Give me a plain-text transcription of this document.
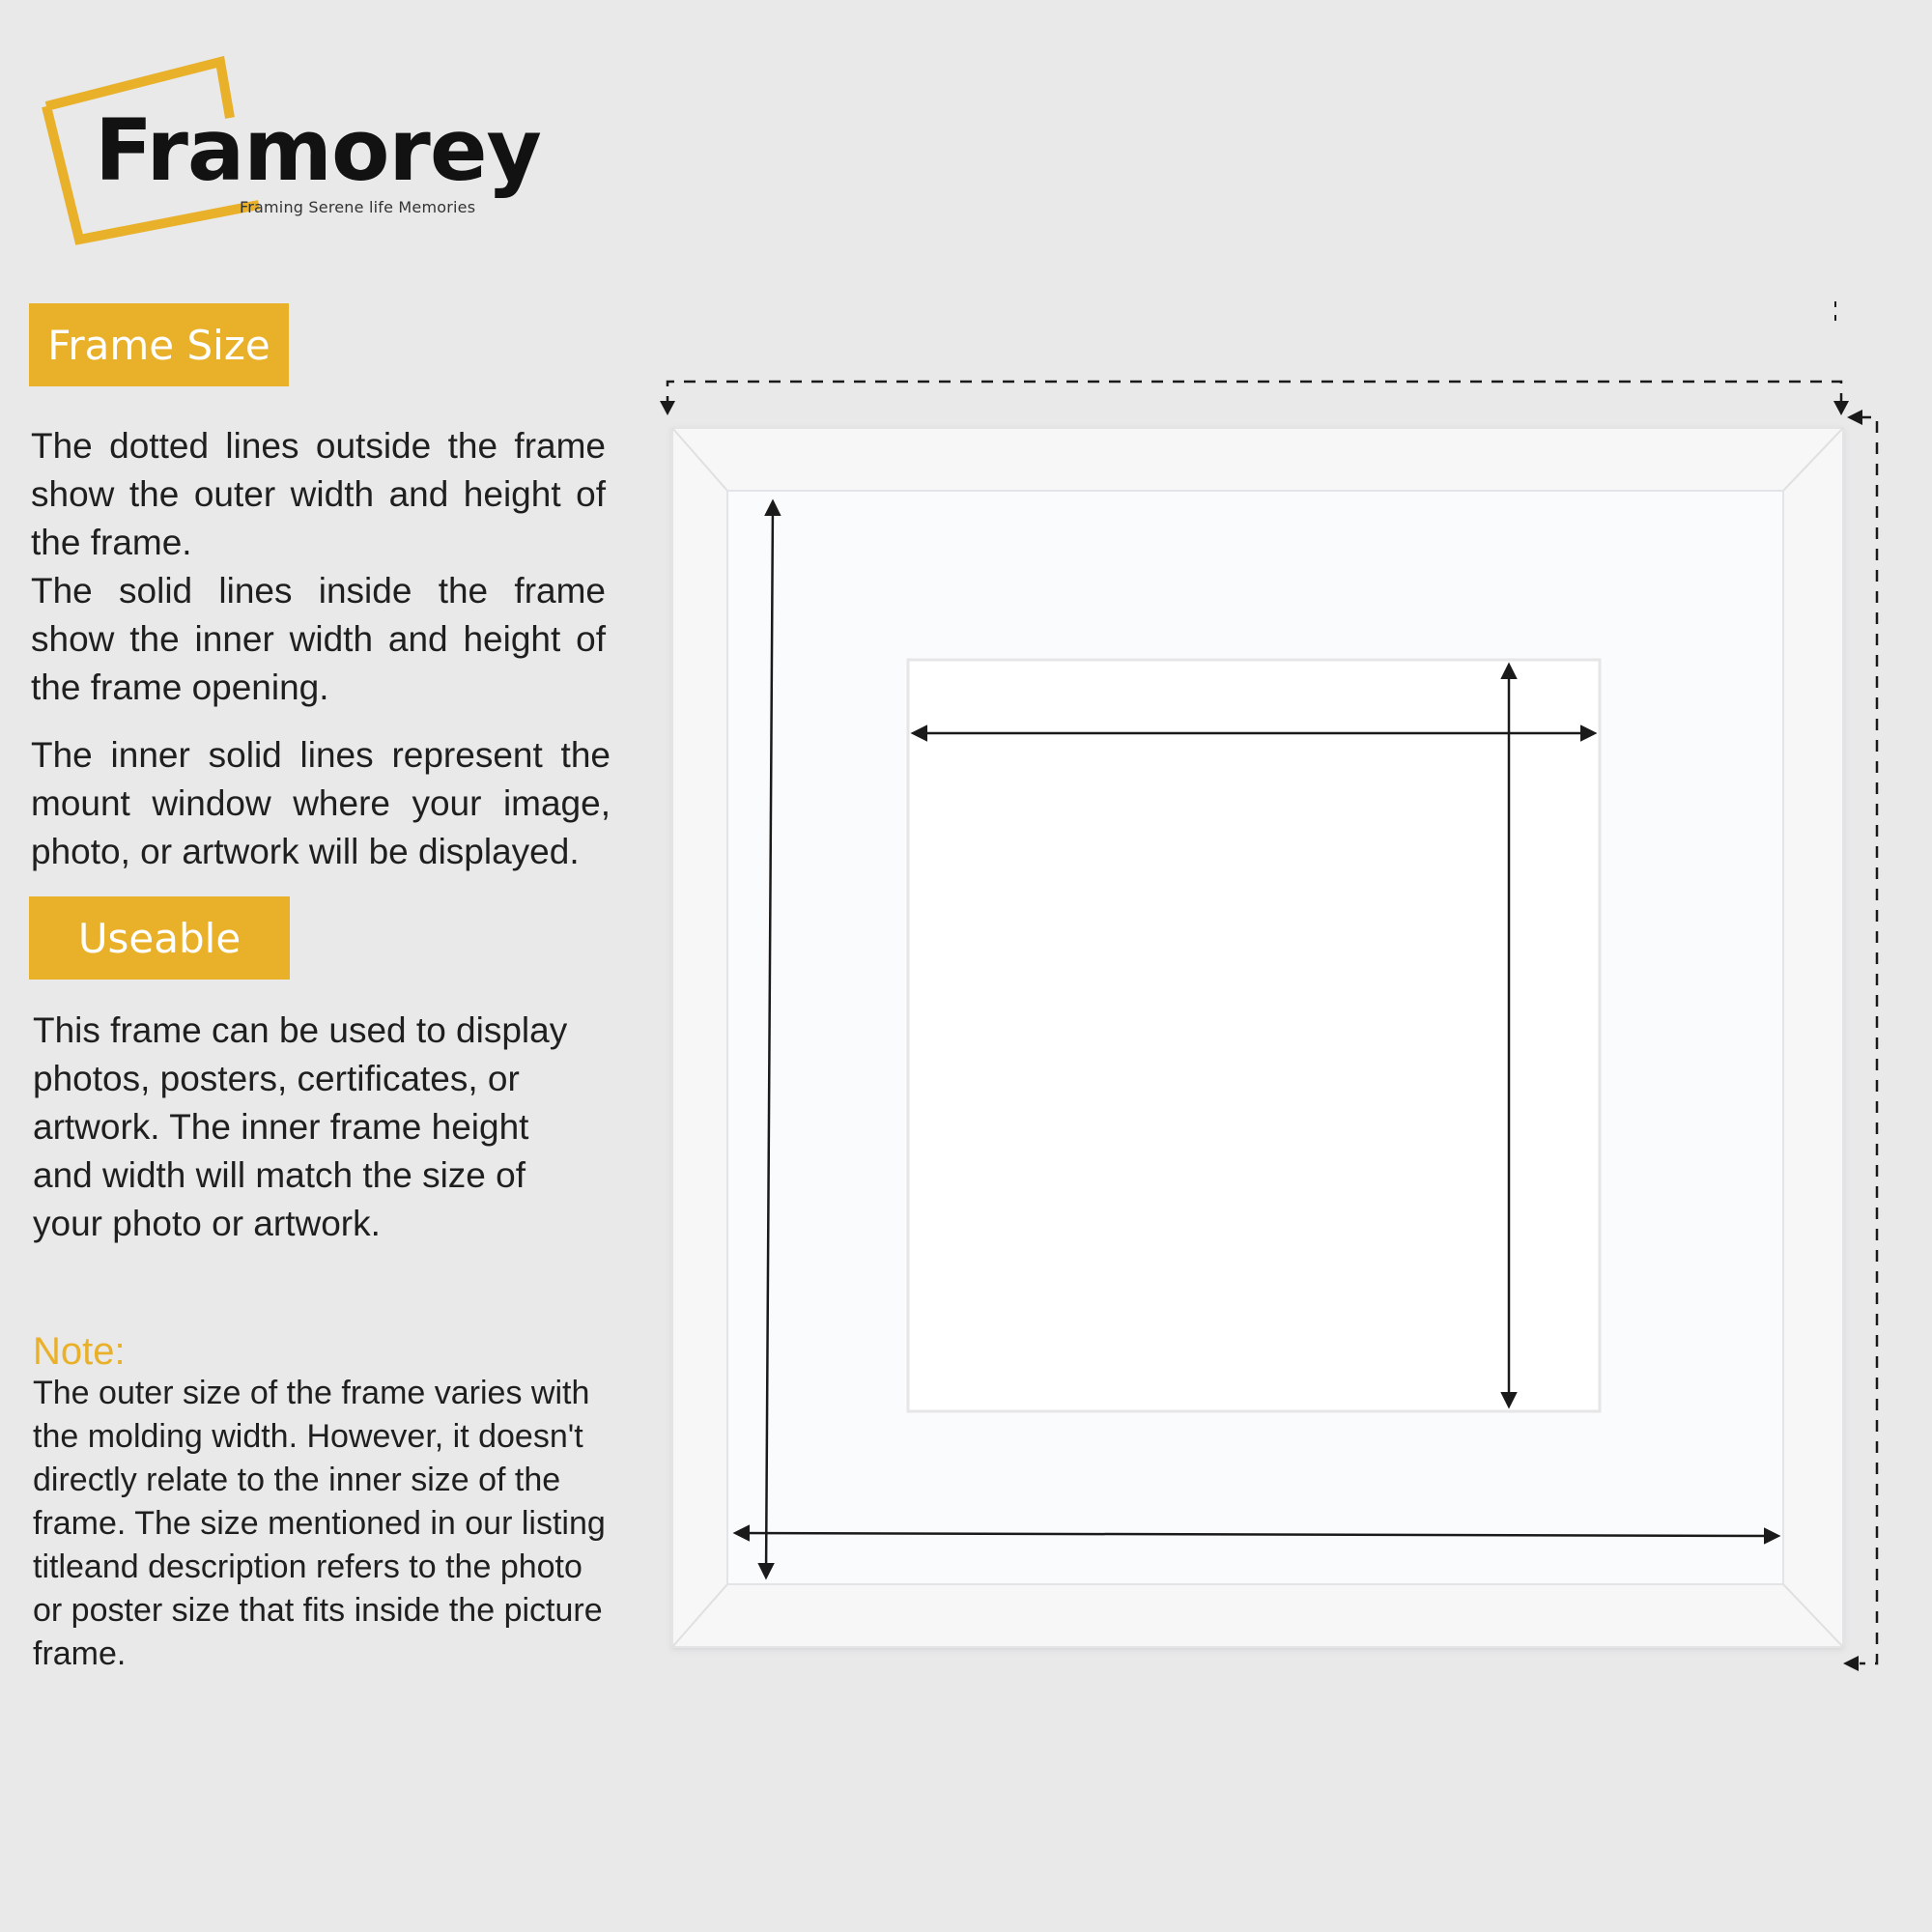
Framorey
Framing Serene life Memories
Frame Size

The dotted lines outside the frame show the outer width and height of the frame.

The inner solid lines represent the mount window where your image, photo, or artwork will be displayed.

Useable

This frame can be used to display photos, posters, certificates, or artwork. The inner frame height and width will match the size of your photo or artwork.

Note:

The outer size of the frame varies with the molding width. However, it doesn't directly relate to the inner size of the frame. The size mentioned in our listing titleand description refers to the photo or poster size that fits inside the picture frame.

The solid lines inside the frame show the inner width and height of the frame opening.
